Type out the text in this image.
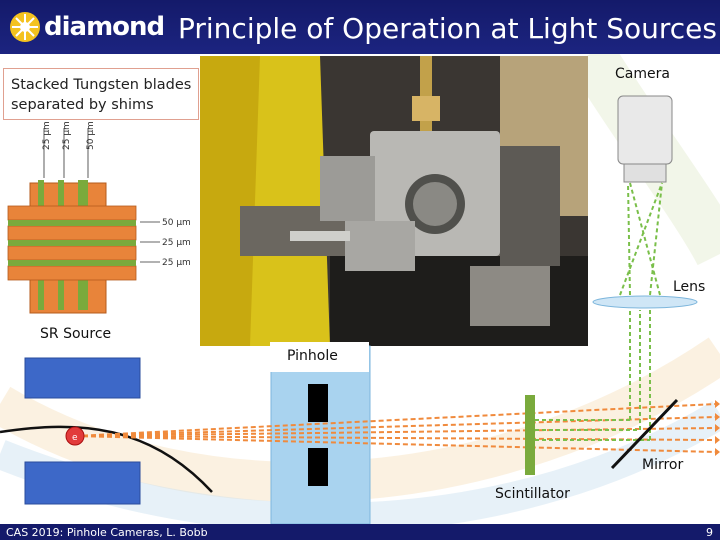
diamond Principle of Operation at Light Sources
Stacked Tungsten blades separated by shims
25 µm 25 µm 50 µm
50 µm
25 µm
25 µm
e
SR Source
Pinhole
Camera
Lens
Mirror
Scintillator
CAS 2019: Pinhole Cameras, L. Bobb	9
